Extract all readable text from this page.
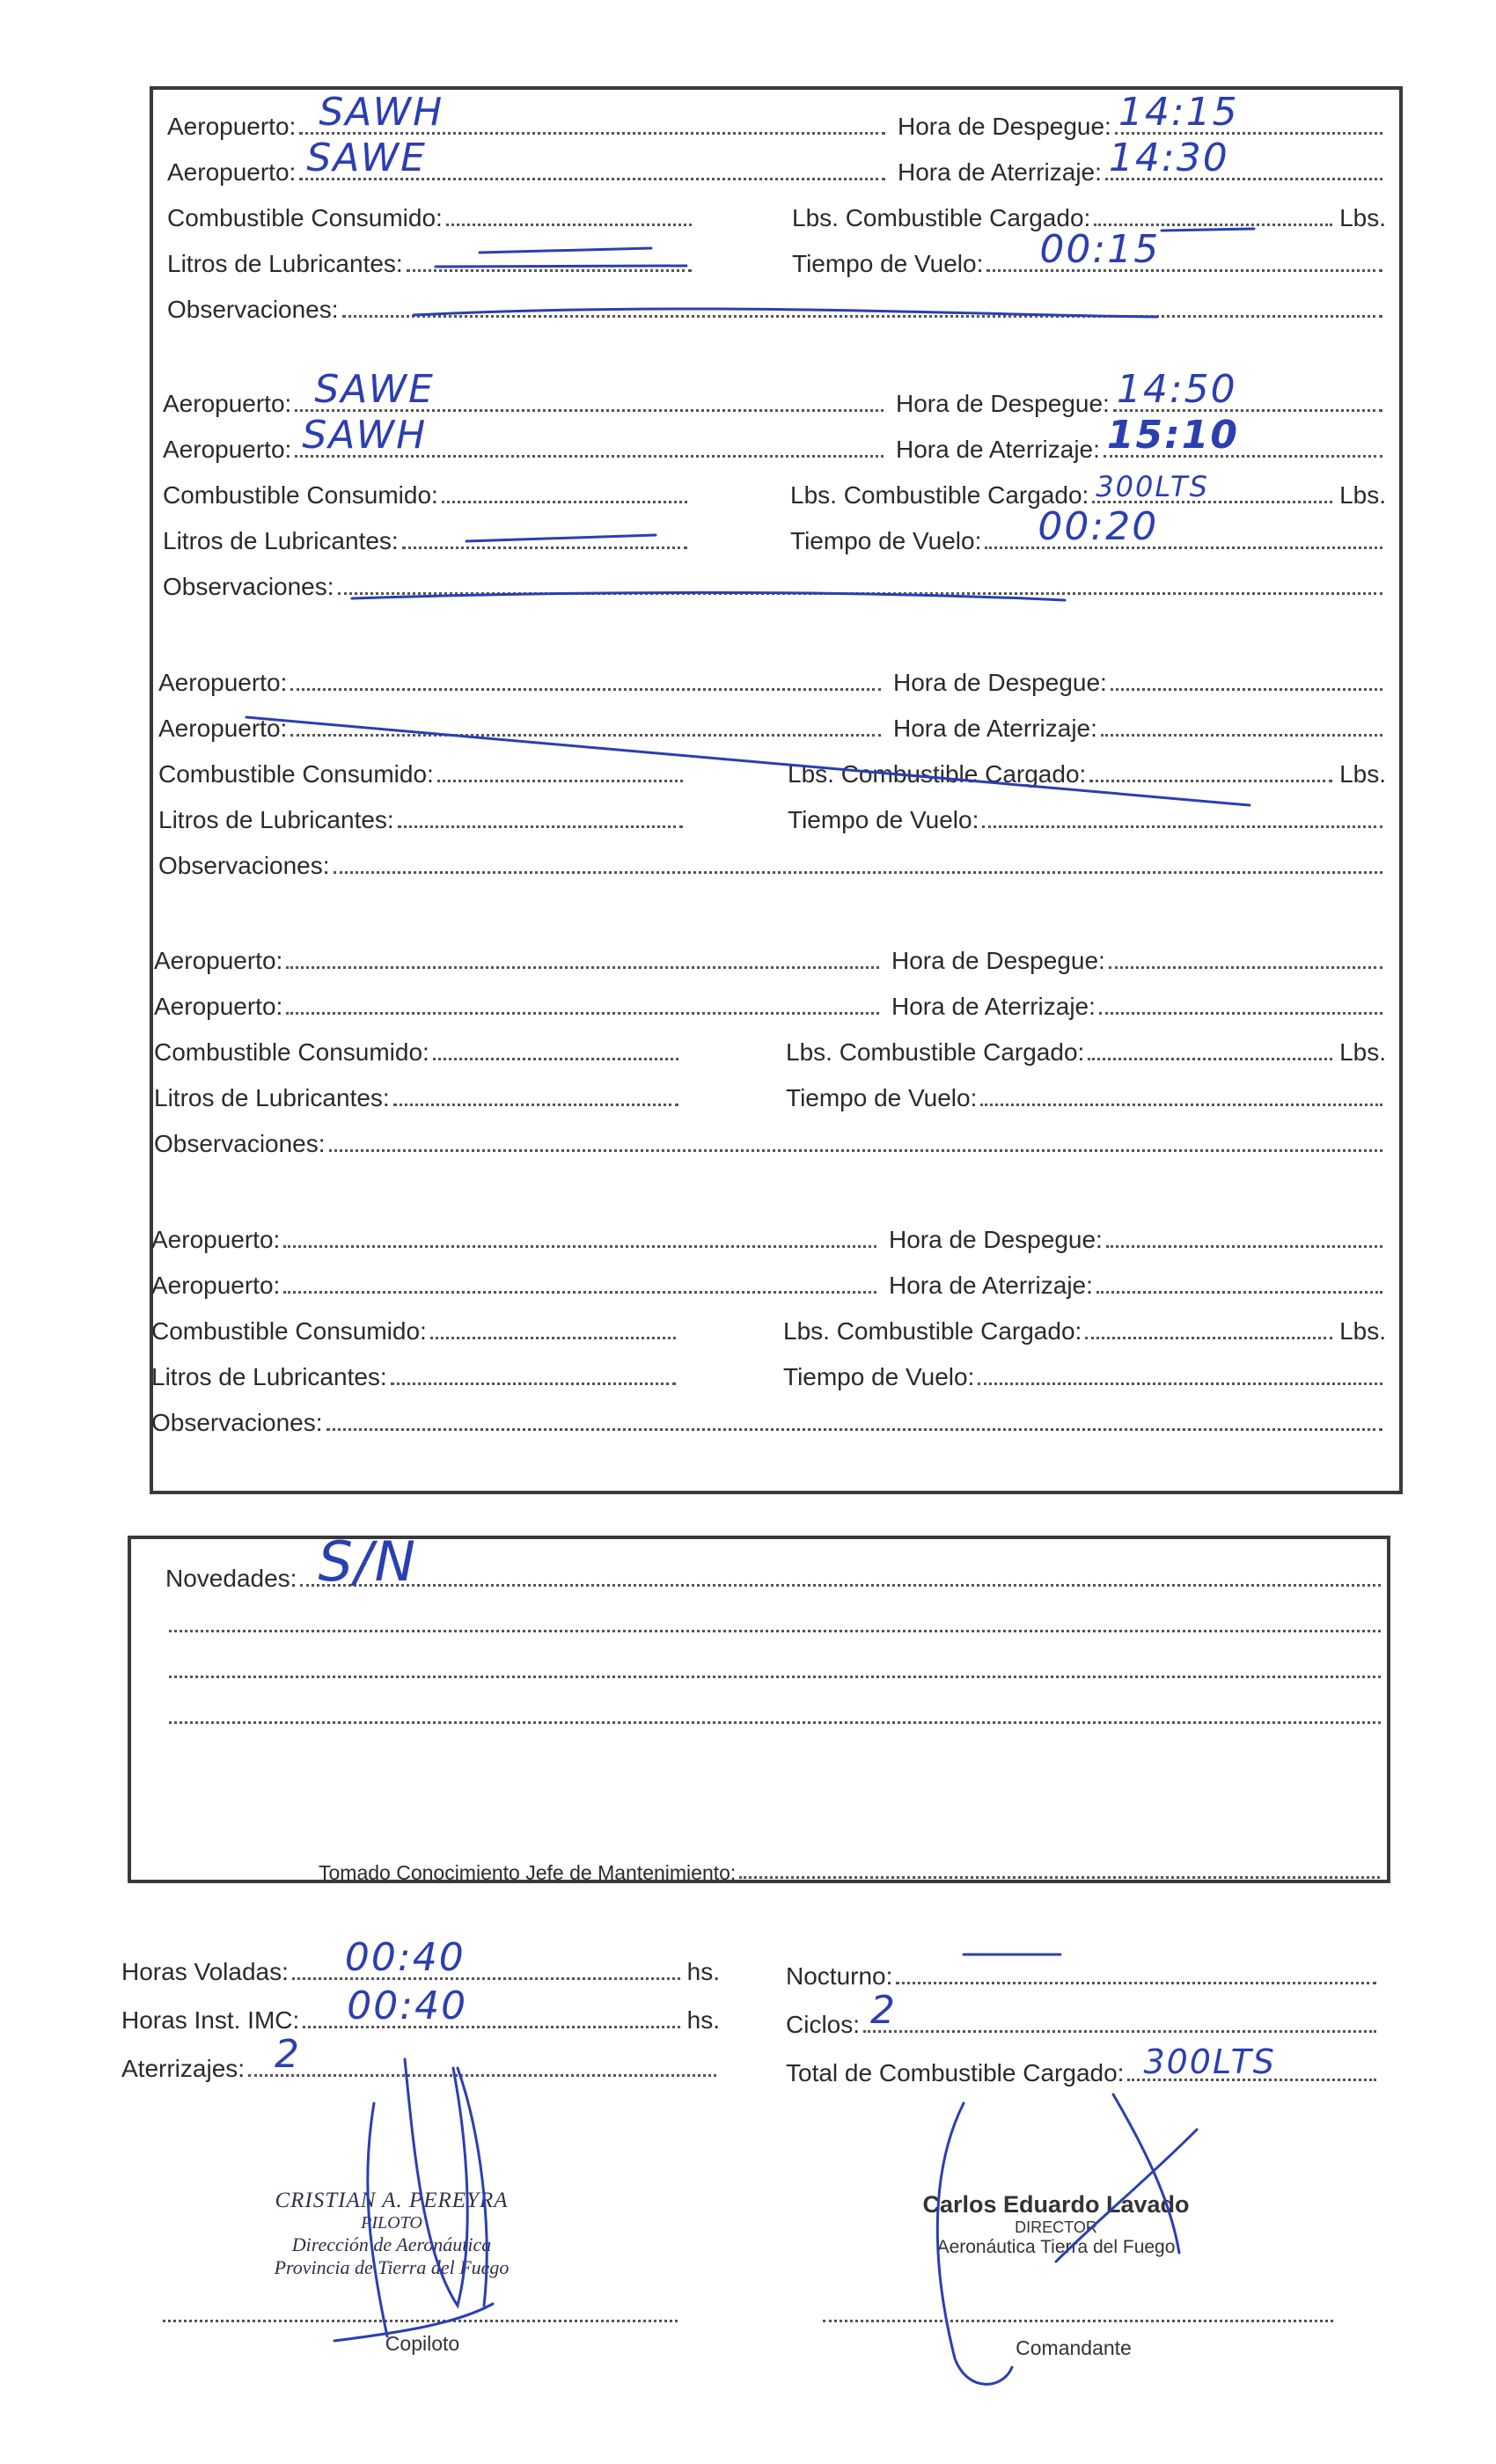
Aeropuerto: SAWH	Hora de Despegue: 14:15
Aeropuerto: SAWE	Hora de Aterrizaje: 14:30
Combustible Consumido:	Lbs. Combustible Cargado:	Lbs.
Litros de Lubricantes:	Tiempo de Vuelo: 00:15
Observaciones:
Aeropuerto: SAWE	Hora de Despegue: 14:50
Aeropuerto: SAWH	Hora de Aterrizaje: 15:10
Combustible Consumido:	Lbs. Combustible Cargado: 300LTS	Lbs.
Litros de Lubricantes:	Tiempo de Vuelo: 00:20
Observaciones:
Aeropuerto:	Hora de Despegue:
Aeropuerto:	Hora de Aterrizaje:
Combustible Consumido:	Lbs. Combustible Cargado:	Lbs.
Litros de Lubricantes:	Tiempo de Vuelo:
Observaciones:
Aeropuerto:	Hora de Despegue:
Aeropuerto:	Hora de Aterrizaje:
Combustible Consumido:	Lbs. Combustible Cargado:	Lbs.
Litros de Lubricantes:	Tiempo de Vuelo:
Observaciones:
Aeropuerto:	Hora de Despegue:
Aeropuerto:	Hora de Aterrizaje:
Combustible Consumido:	Lbs. Combustible Cargado:	Lbs.
Litros de Lubricantes:	Tiempo de Vuelo:
Observaciones:
Novedades: S/N
Tomado Conocimiento Jefe de Mantenimiento:
Horas Voladas: 00:40	hs.
Horas Inst. IMC: 00:40	hs.
Aterrizajes: 2
Nocturno:
Ciclos: 2
Total de Combustible Cargado: 300LTS
CRISTIAN A. PEREYRA
PILOTO
Dirección de Aeronáutica
Provincia de Tierra del Fuego
Copiloto
Carlos Eduardo Lavado
DIRECTOR
Aeronáutica Tierra del Fuego
Comandante
